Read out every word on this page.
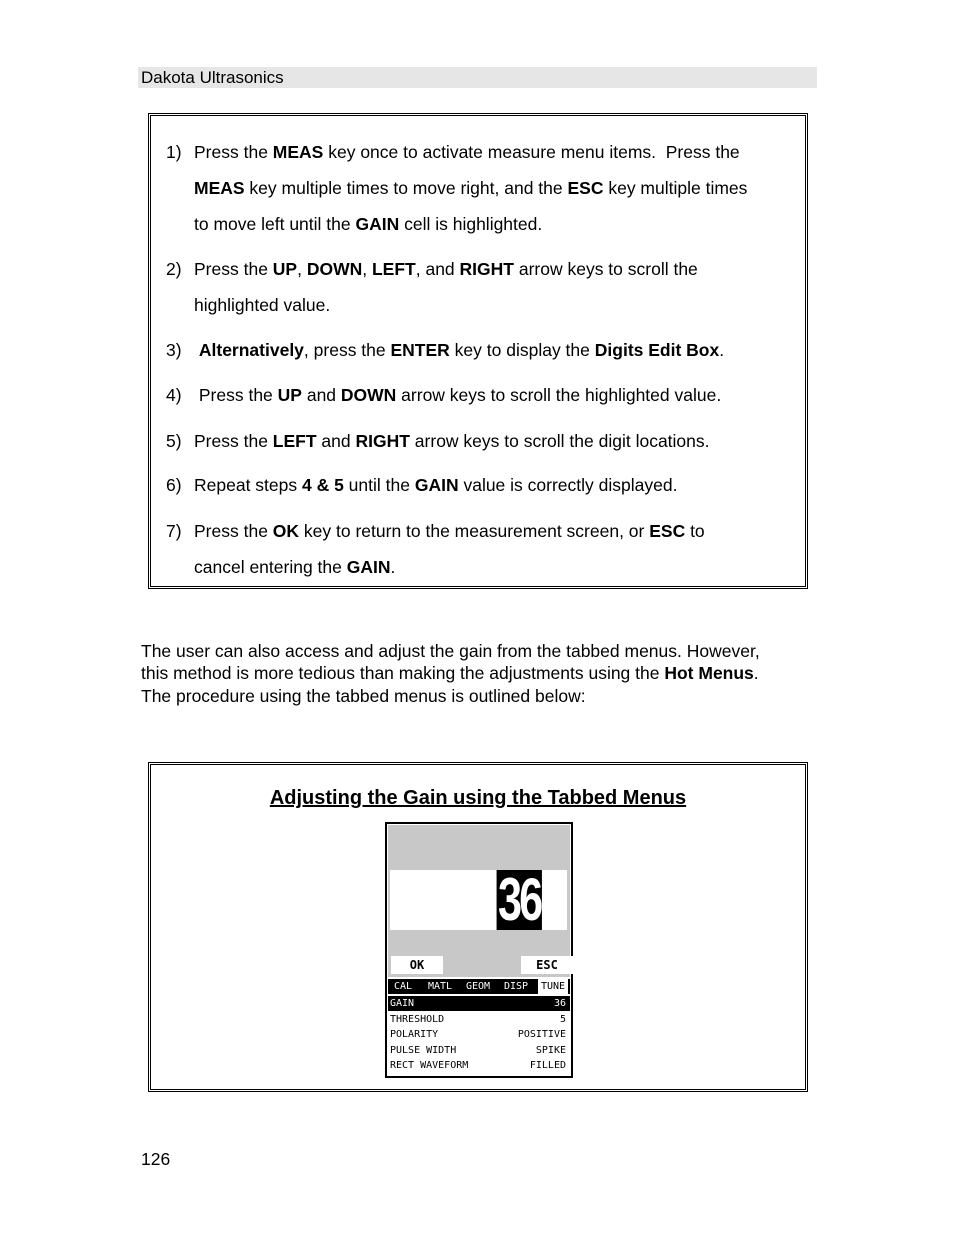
Dakota Ultrasonics
1) Press the MEAS key once to activate measure menu items.  Press the
MEAS key multiple times to move right, and the ESC key multiple times
to move left until the GAIN cell is highlighted.
2) Press the UP, DOWN, LEFT, and RIGHT arrow keys to scroll the
highlighted value.
3) Alternatively, press the ENTER key to display the Digits Edit Box.
4) Press the UP and DOWN arrow keys to scroll the highlighted value.
5) Press the LEFT and RIGHT arrow keys to scroll the digit locations.
6) Repeat steps 4 & 5 until the GAIN value is correctly displayed.
7) Press the OK key to return to the measurement screen, or ESC to
cancel entering the GAIN.
The user can also access and adjust the gain from the tabbed menus. However,
this method is more tedious than making the adjustments using the Hot Menus.
The procedure using the tabbed menus is outlined below:
Adjusting the Gain using the Tabbed Menus
36
OK	ESC
CAL MATL GEOM DISP	TUNE
GAIN	36
THRESHOLD	5
POLARITY	POSITIVE
PULSE WIDTH	SPIKE
RECT WAVEFORM	FILLED
126
